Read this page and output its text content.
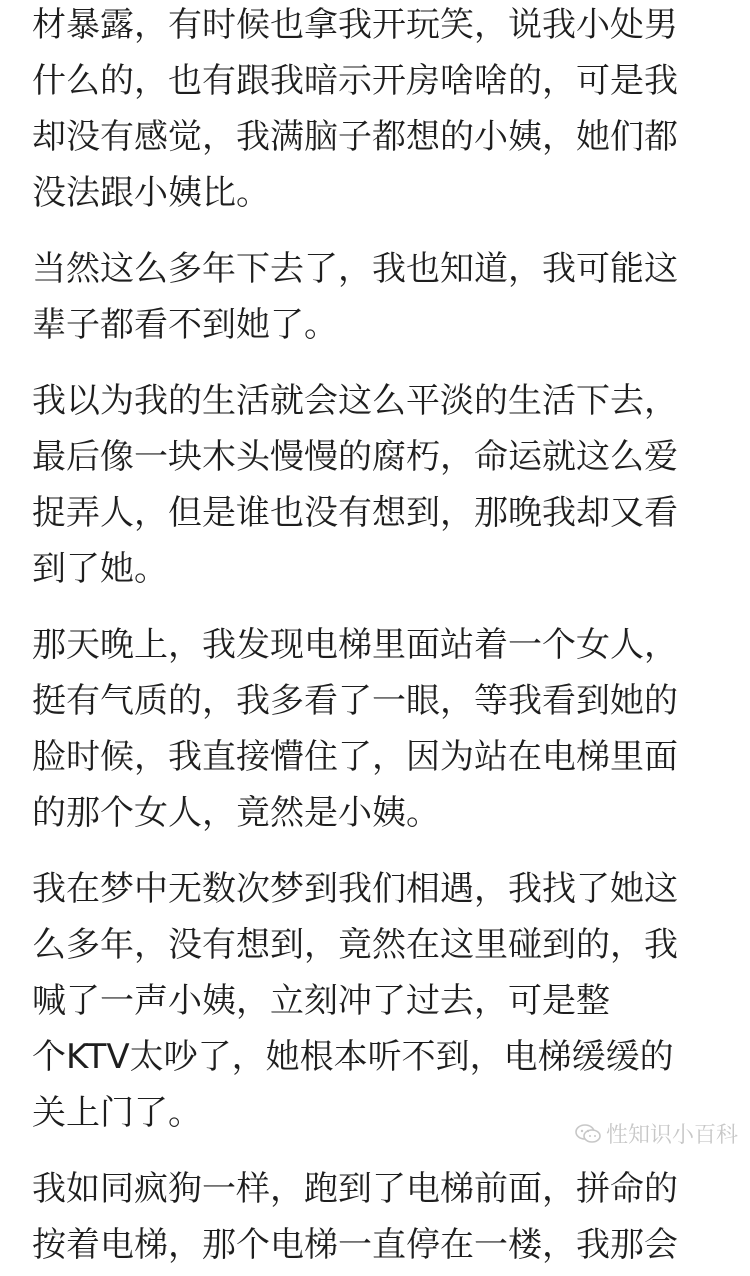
材暴露，有时候也拿我开玩笑，说我小处男
什么的，也有跟我暗示开房啥啥的，可是我
却没有感觉，我满脑子都想的小姨，她们都
没法跟小姨比。
当然这么多年下去了，我也知道，我可能这
辈子都看不到她了。
我以为我的生活就会这么平淡的生活下去，
最后像一块木头慢慢的腐朽，命运就这么爱
捉弄人，但是谁也没有想到，那晚我却又看
到了她。
那天晚上，我发现电梯里面站着一个女人，
挺有气质的，我多看了一眼，等我看到她的
脸时候，我直接懵住了，因为站在电梯里面
的那个女人，竟然是小姨。
我在梦中无数次梦到我们相遇，我找了她这
么多年，没有想到，竟然在这里碰到的，我
喊了一声小姨，立刻冲了过去，可是整
个KTV太吵了，她根本听不到，电梯缓缓的
关上门了。
我如同疯狗一样，跑到了电梯前面，拼命的
按着电梯，那个电梯一直停在一楼，我那会
性知识小百科
